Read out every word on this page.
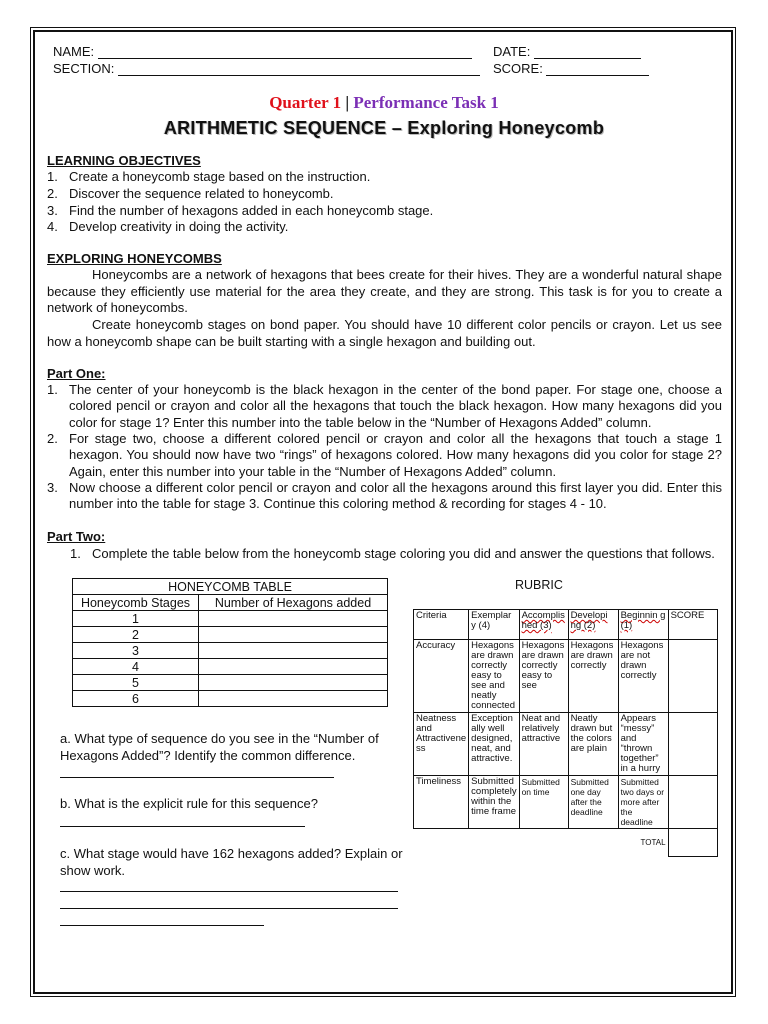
NAME:	DATE:
SECTION:	SCORE:
Quarter 1 | Performance Task 1
ARITHMETIC SEQUENCE – Exploring Honeycomb
LEARNING OBJECTIVES
1. Create a honeycomb stage based on the instruction.
2. Discover the sequence related to honeycomb.
3. Find the number of hexagons added in each honeycomb stage.
4. Develop creativity in doing the activity.
EXPLORING HONEYCOMBS
Honeycombs are a network of hexagons that bees create for their hives. They are a wonderful natural shape because they efficiently use material for the area they create, and they are strong. This task is for you to create a network of honeycombs.
Create honeycomb stages on bond paper. You should have 10 different color pencils or crayon. Let us see how a honeycomb shape can be built starting with a single hexagon and building out.
Part One:
1. The center of your honeycomb is the black hexagon in the center of the bond paper. For stage one, choose a colored pencil or crayon and color all the hexagons that touch the black hexagon. How many hexagons did you color for stage 1? Enter this number into the table below in the “Number of Hexagons Added” column.
2. For stage two, choose a different colored pencil or crayon and color all the hexagons that touch a stage 1 hexagon. You should now have two “rings” of hexagons colored. How many hexagons did you color for stage 2? Again, enter this number into your table in the “Number of Hexagons Added” column.
3. Now choose a different color pencil or crayon and color all the hexagons around this first layer you did. Enter this number into the table for stage 3. Continue this coloring method & recording for stages 4 - 10.
Part Two:
1. Complete the table below from the honeycomb stage coloring you did and answer the questions that follows.
HONEYCOMB TABLE	
Honeycomb Stages	Number of Hexagons added
1	
2	
3	
4	
5	
6	
RUBRIC
Criteria	Exemplar y (4)	Accomplis hed (3)	Developi ng (2)	Beginnin g (1)	SCORE
Accuracy	Hexagons are drawn correctly easy to see and neatly connected	Hexagons are drawn correctly easy to see	Hexagons are drawn correctly	Hexagons are not drawn correctly	
Neatness and Attractivene ss	Exception ally well designed, neat, and attractive.	Neat and relatively attractive	Neatly drawn but the colors are plain	Appears “messy” and “thrown together” in a hurry	
Timeliness	Submitted completely within the time frame	Submitted on time	Submitted one day after the deadline	Submitted two days or more after the deadline	
TOTAL					
a. What type of sequence do you see in the “Number of Hexagons Added”? Identify the common difference.
b. What is the explicit rule for this sequence?
c. What stage would have 162 hexagons added? Explain or show work.
